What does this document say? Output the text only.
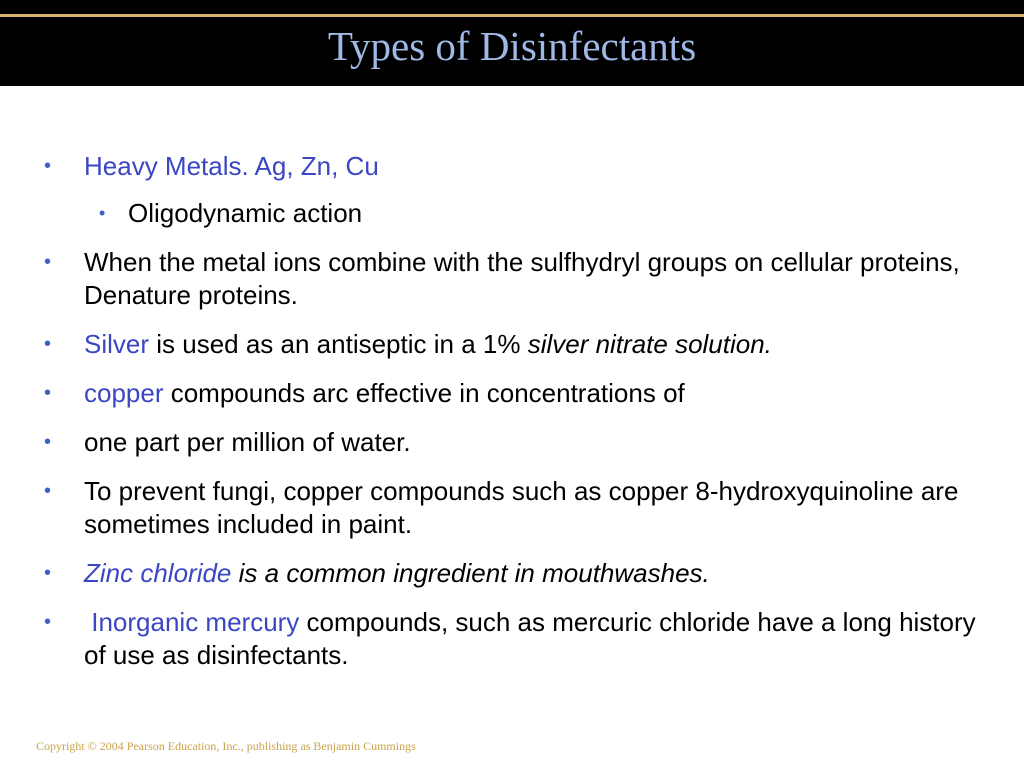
Types of Disinfectants
• Heavy Metals. Ag, Zn, Cu
• Oligodynamic action
• When the metal ions combine with the sulfhydryl groups on cellular proteins, Denature proteins.
• Silver is used as an antiseptic in a 1% silver nitrate solution.
• copper compounds arc effective in concentrations of
• one part per million of water.
• To prevent fungi, copper compounds such as copper 8-hydroxyquinoline are sometimes included in paint.
• Zinc chloride is a common ingredient in mouthwashes.
• Inorganic mercury compounds, such as mercuric chloride have a long history of use as disinfectants.
Copyright © 2004 Pearson Education, Inc., publishing as Benjamin Cummings
